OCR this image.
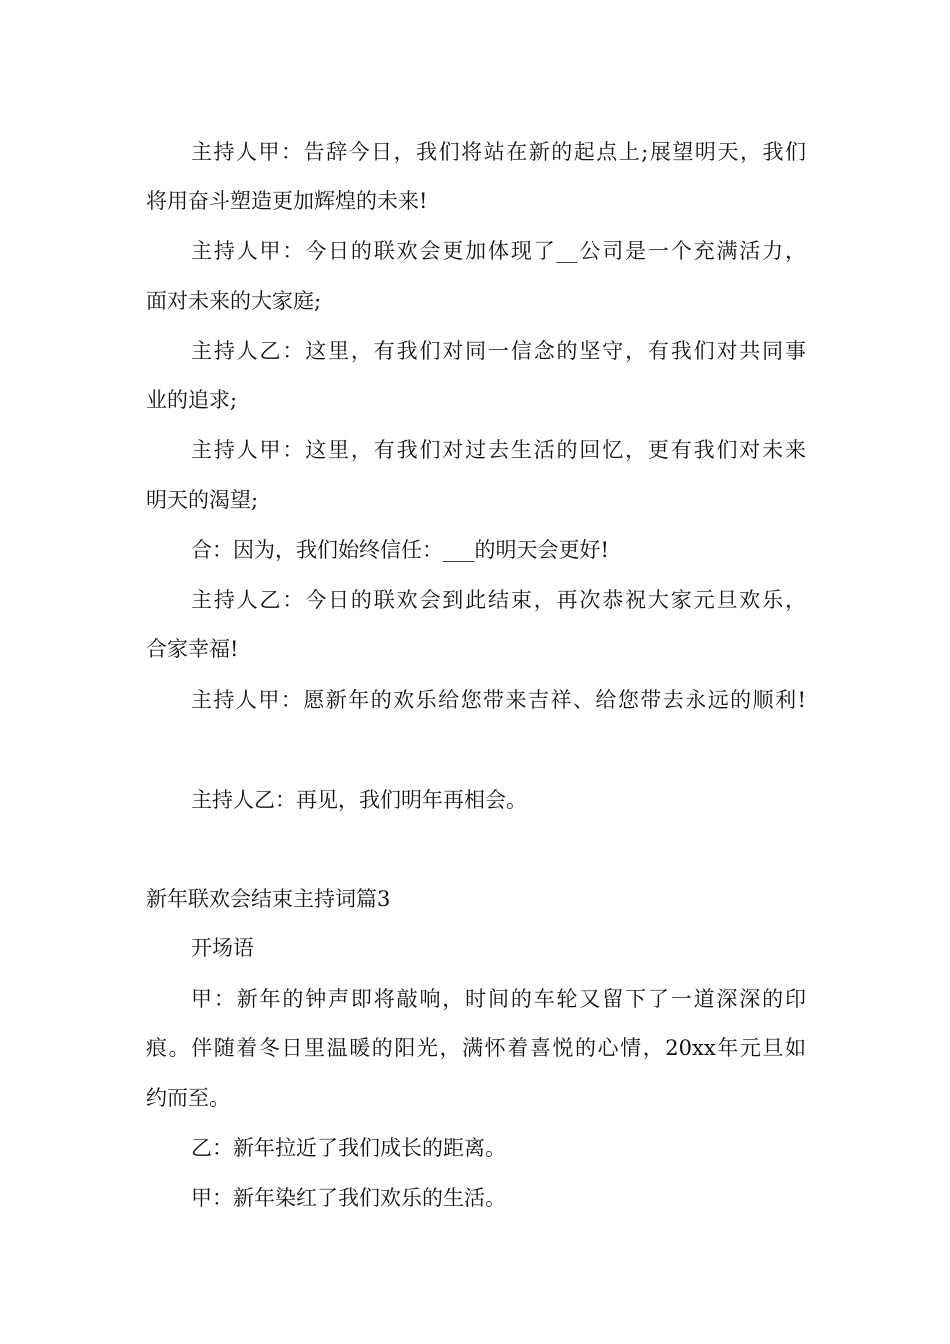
主持人甲：告辞今日，我们将站在新的起点上;展望明天，我们
将用奋斗塑造更加辉煌的未来!
主持人甲：今日的联欢会更加体现了__公司是一个充满活力，
面对未来的大家庭;
主持人乙：这里，有我们对同一信念的坚守，有我们对共同事
业的追求;
主持人甲：这里，有我们对过去生活的回忆，更有我们对未来
明天的渴望;
合：因为，我们始终信任：___的明天会更好!
主持人乙：今日的联欢会到此结束，再次恭祝大家元旦欢乐，
合家幸福!
主持人甲：愿新年的欢乐给您带来吉祥、给您带去永远的顺利!
主持人乙：再见，我们明年再相会。
新年联欢会结束主持词篇3
开场语
甲：新年的钟声即将敲响，时间的车轮又留下了一道深深的印
痕。伴随着冬日里温暖的阳光，满怀着喜悦的心情，20xx年元旦如
约而至。
乙：新年拉近了我们成长的距离。
甲：新年染红了我们欢乐的生活。
